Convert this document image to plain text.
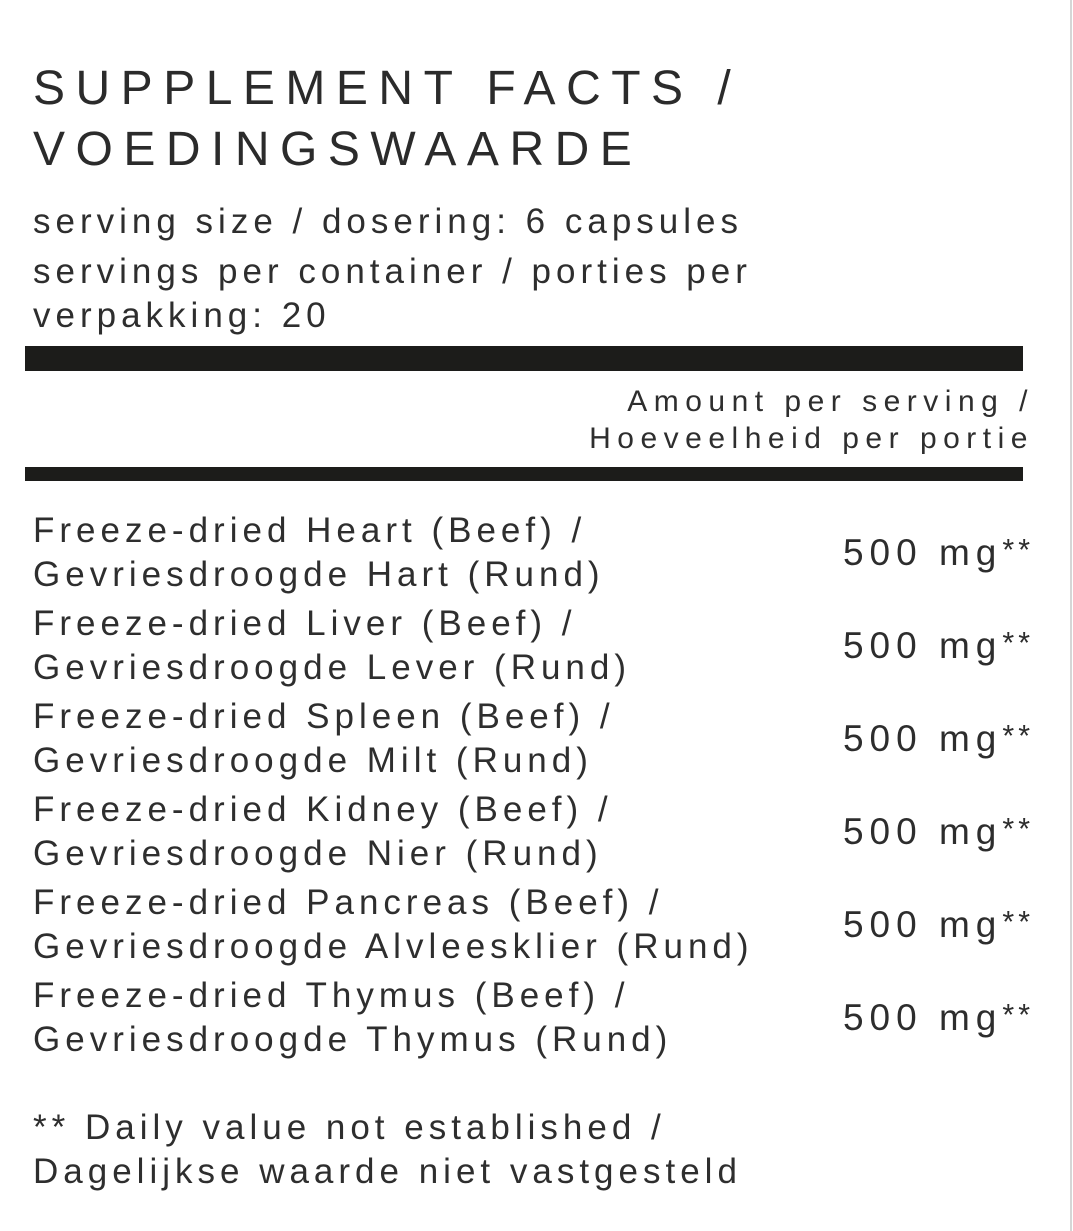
SUPPLEMENT FACTS /
VOEDINGSWAARDE

serving size / dosering: 6 capsules

servings per container / porties per verpakking: 20

Amount per serving /
Hoeveelheid per portie
Freeze-dried Heart (Beef) /
Gevriesdroogde Hart (Rund)
500 mg**
Freeze-dried Liver (Beef) /
Gevriesdroogde Lever (Rund)
500 mg**
Freeze-dried Spleen (Beef) /
Gevriesdroogde Milt (Rund)
500 mg**
Freeze-dried Kidney (Beef) /
Gevriesdroogde Nier (Rund)
500 mg**
Freeze-dried Pancreas (Beef) /
Gevriesdroogde Alvleesklier (Rund)
500 mg**
Freeze-dried Thymus (Beef) /
Gevriesdroogde Thymus (Rund)
500 mg**

** Daily value not established /
Dagelijkse waarde niet vastgesteld
